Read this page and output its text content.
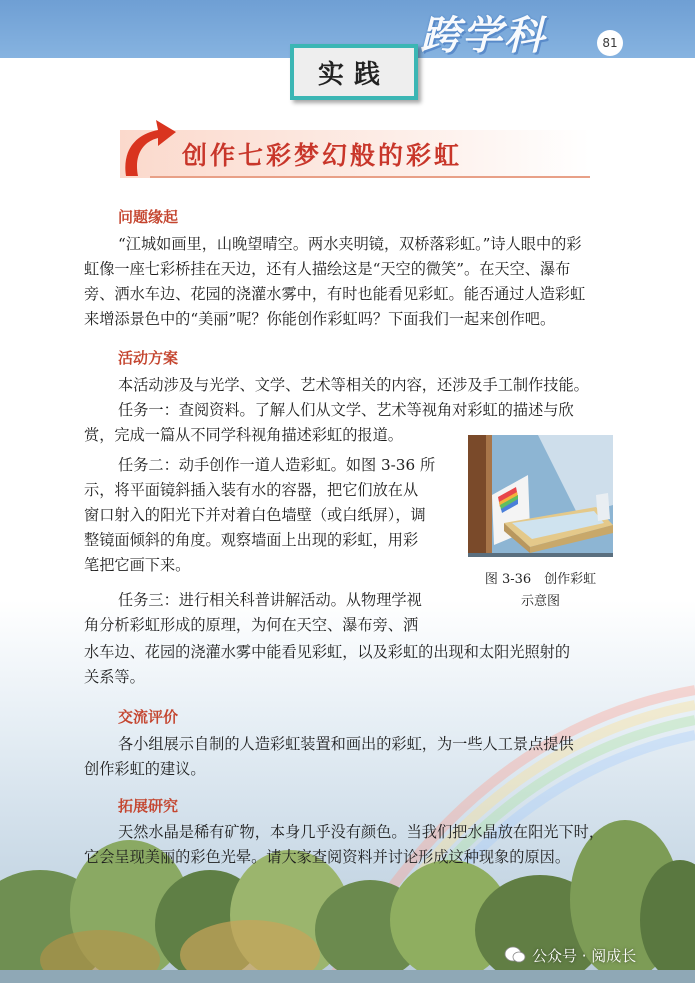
跨学科	81
实践
创作七彩梦幻般的彩虹
问题缘起
“江城如画里，山晚望晴空。两水夹明镜，双桥落彩虹。”诗人眼中的彩
虹像一座七彩桥挂在天边，还有人描绘这是“天空的微笑”。在天空、瀑布
旁、洒水车边、花园的浇灌水雾中，有时也能看见彩虹。能否通过人造彩虹
来增添景色中的“美丽”呢？你能创作彩虹吗？下面我们一起来创作吧。
活动方案
本活动涉及与光学、文学、艺术等相关的内容，还涉及手工制作技能。
任务一：查阅资料。了解人们从文学、艺术等视角对彩虹的描述与欣
赏，完成一篇从不同学科视角描述彩虹的报道。
任务二：动手创作一道人造彩虹。如图 3-36 所
示，将平面镜斜插入装有水的容器，把它们放在从
窗口射入的阳光下并对着白色墙壁（或白纸屏），调
整镜面倾斜的角度。观察墙面上出现的彩虹，用彩
笔把它画下来。
任务三：进行相关科普讲解活动。从物理学视
角分析彩虹形成的原理，为何在天空、瀑布旁、洒
水车边、花园的浇灌水雾中能看见彩虹，以及彩虹的出现和太阳光照射的
关系等。
图 3-36　创作彩虹
示意图
交流评价
各小组展示自制的人造彩虹装置和画出的彩虹，为一些人工景点提供
创作彩虹的建议。
拓展研究
天然水晶是稀有矿物，本身几乎没有颜色。当我们把水晶放在阳光下时，
它会呈现美丽的彩色光晕。请大家查阅资料并讨论形成这种现象的原因。
公众号 · 阅成长
